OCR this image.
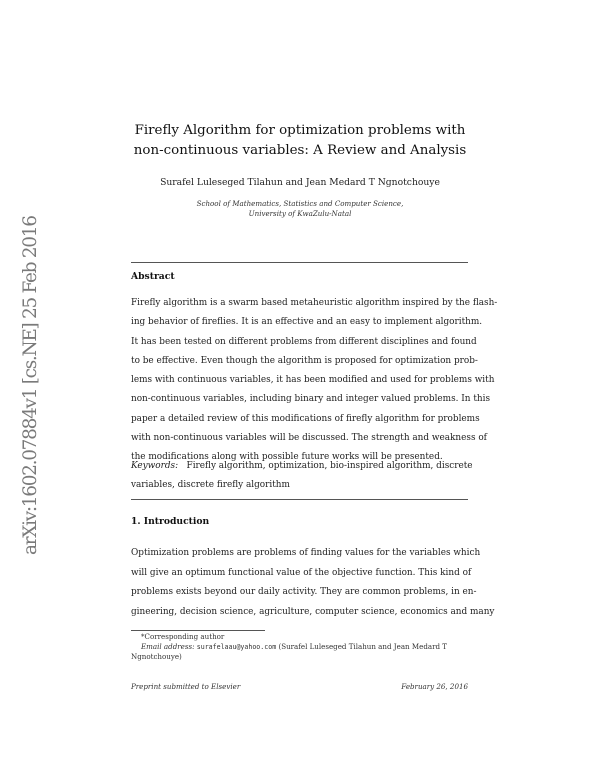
arXiv:1602.07884v1 [cs.NE] 25 Feb 2016
Firefly Algorithm for optimization problems with
non-continuous variables: A Review and Analysis
Surafel Luleseged Tilahun and Jean Medard T Ngnotchouye
School of Mathematics, Statistics and Computer Science,
University of KwaZulu-Natal
Abstract
Firefly algorithm is a swarm based metaheuristic algorithm inspired by the flash-
ing behavior of fireflies. It is an effective and an easy to implement algorithm.
It has been tested on different problems from different disciplines and found
to be effective. Even though the algorithm is proposed for optimization prob-
lems with continuous variables, it has been modified and used for problems with
non-continuous variables, including binary and integer valued problems. In this
paper a detailed review of this modifications of firefly algorithm for problems
with non-continuous variables will be discussed. The strength and weakness of
the modifications along with possible future works will be presented.
Keywords: Firefly algorithm, optimization, bio-inspired algorithm, discrete
variables, discrete firefly algorithm
1. Introduction
Optimization problems are problems of finding values for the variables which
will give an optimum functional value of the objective function. This kind of
problems exists beyond our daily activity. They are common problems, in en-
gineering, decision science, agriculture, computer science, economics and many
*Corresponding author
Email address: surafelaau@yahoo.com (Surafel Luleseged Tilahun and Jean Medard T
Ngnotchouye)
Preprint submitted to Elsevier	February 26, 2016
